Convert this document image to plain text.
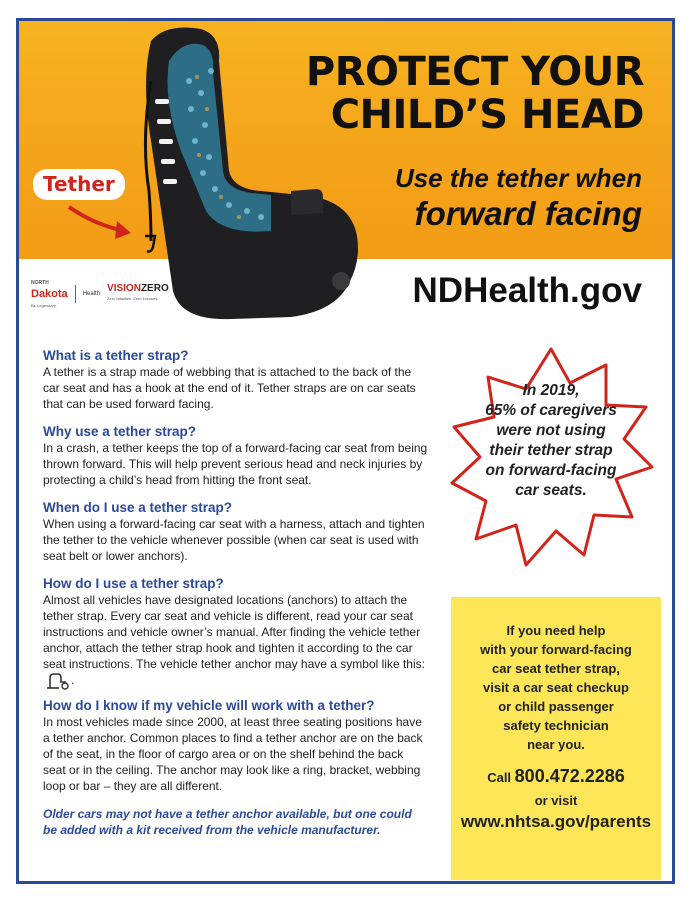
PROTECT YOUR
CHILD’S HEAD
Use the tether when
forward facing
Tether
NORTH
Dakota
Be Legendary.
Health VISIONZERO
Zero fatalities. Zero excuses.	NDHealth.gov
What is a tether strap?
A tether is a strap made of webbing that is attached to the back of the car seat and has a hook at the end of it. Tether straps are on car seats that can be used forward facing.
Why use a tether strap?
In a crash, a tether keeps the top of a forward-facing car seat from being thrown forward. This will help prevent serious head and neck injuries by protecting a child’s head from hitting the front seat.
When do I use a tether strap?
When using a forward-facing car seat with a harness, attach and tighten the tether to the vehicle whenever possible (when car seat is used with seat belt or lower anchors).
How do I use a tether strap?
Almost all vehicles have designated locations (anchors) to attach the tether strap. Every car seat and vehicle is different, read your car seat instructions and vehicle owner’s manual. After finding the vehicle tether anchor, attach the tether strap hook and tighten it according to the car seat instructions. The vehicle tether anchor may have a symbol like this:.
How do I know if my vehicle will work with a tether?
In most vehicles made since 2000, at least three seating positions have a tether anchor. Common places to find a tether anchor are on the back of the seat, in the floor of cargo area or on the shelf behind the back seat or in the ceiling. The anchor may look like a ring, bracket, webbing loop or bar – they are all different.
Older cars may not have a tether anchor available, but one could be added with a kit received from the vehicle manufacturer.
In 2019,
65% of caregivers
were not using
their tether strap
on forward-facing
car seats.
If you need help
with your forward-facing
car seat tether strap,
visit a car seat checkup
or child passenger
safety technician
near you.
Call 800.472.2286
or visit
www.nhtsa.gov/parents
